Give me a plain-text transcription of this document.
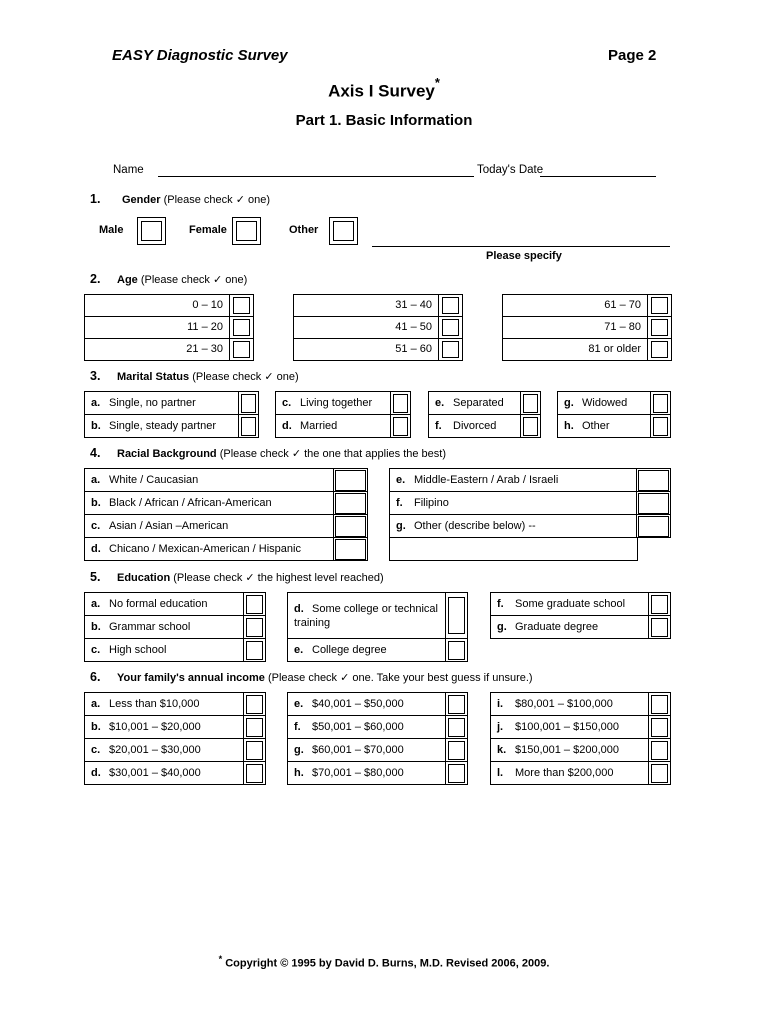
EASY Diagnostic Survey	Page 2
Axis I Survey*
Part 1. Basic Information
Name	Today's Date
1. Gender (Please check ✓ one)
Male	Female	Other
Please specify
2. Age (Please check ✓ one)
0 – 10	

11 – 20	

21 – 30	
31 – 40	

41 – 50	

51 – 60	
61 – 70	

71 – 80	

81 or older	
3. Marital Status (Please check ✓ one)
a. Single, no partner	

b. Single, steady partner	
c. Living together	

d. Married	
e. Separated	

f. Divorced	
g. Widowed	

h. Other	
4. Racial Background (Please check ✓ the one that applies the best)
a. White / Caucasian	

b. Black / African / African-American	

c. Asian / Asian –American	

d. Chicano / Mexican-American / Hispanic	
e. Middle-Eastern / Arab / Israeli	

f. Filipino	

g. Other (describe below) --	
5. Education (Please check ✓ the highest level reached)
a. No formal education	

b. Grammar school	

c. High school	
d. Some college or technical training	

e. College degree	
f. Some graduate school	

g. Graduate degree	
6. Your family's annual income (Please check ✓ one. Take your best guess if unsure.)
a. Less than $10,000	

b. $10,001 – $20,000	

c. $20,001 – $30,000	

d. $30,001 – $40,000	
e. $40,001 – $50,000	

f. $50,001 – $60,000	

g. $60,001 – $70,000	

h. $70,001 – $80,000	
i. $80,001 – $100,000	

j. $100,001 – $150,000	

k. $150,001 – $200,000	

l. More than $200,000	
* Copyright © 1995 by David D. Burns, M.D. Revised 2006, 2009.
